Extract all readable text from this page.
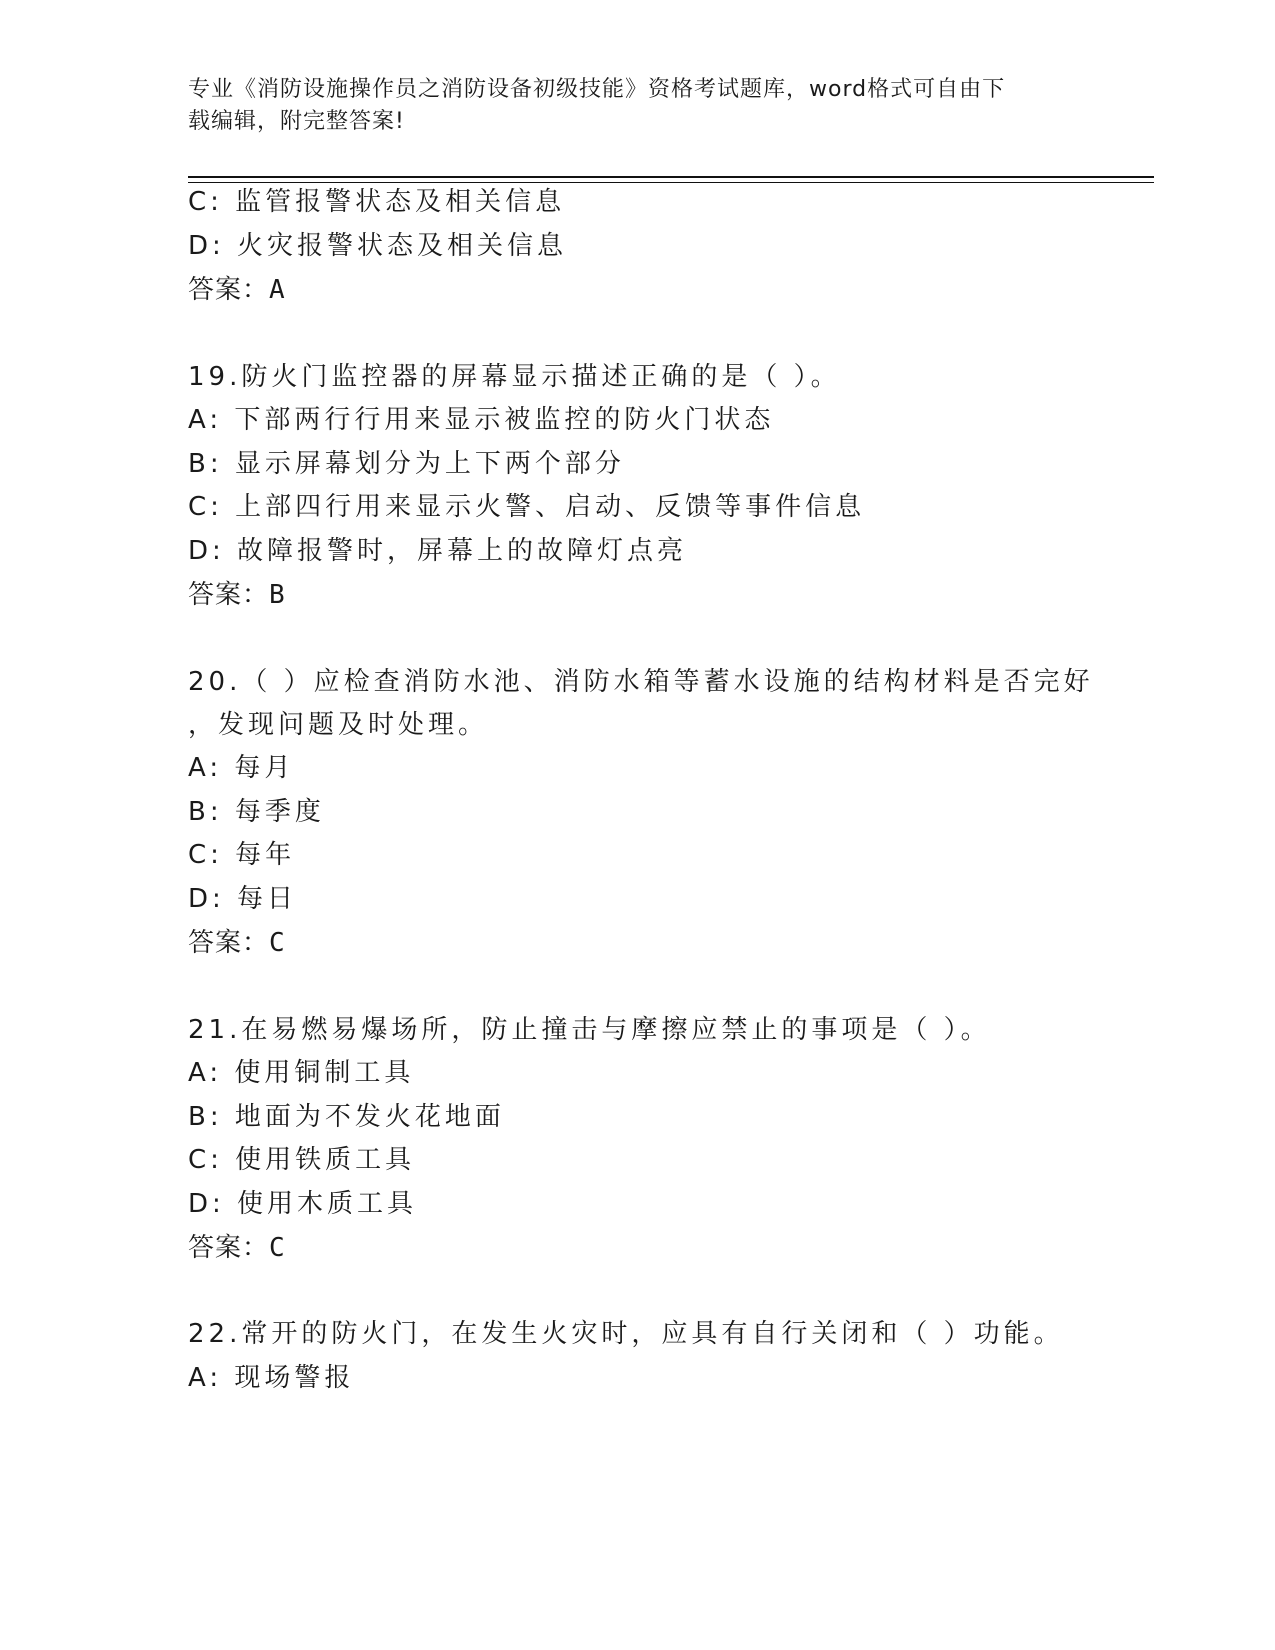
专业《消防设施操作员之消防设备初级技能》资格考试题库，word格式可自由下
载编辑，附完整答案!
C: 监管报警状态及相关信息
D: 火灾报警状态及相关信息
答案：A
19.防火门监控器的屏幕显示描述正确的是（ ）。
A: 下部两行行用来显示被监控的防火门状态
B: 显示屏幕划分为上下两个部分
C: 上部四行用来显示火警、启动、反馈等事件信息
D: 故障报警时，屏幕上的故障灯点亮
答案：B
20.（ ）应检查消防水池、消防水箱等蓄水设施的结构材料是否完好
，发现问题及时处理。
A: 每月
B: 每季度
C: 每年
D: 每日
答案：C
21.在易燃易爆场所，防止撞击与摩擦应禁止的事项是（ ）。
A: 使用铜制工具
B: 地面为不发火花地面
C: 使用铁质工具
D: 使用木质工具
答案：C
22.常开的防火门，在发生火灾时，应具有自行关闭和（ ）功能。
A: 现场警报
